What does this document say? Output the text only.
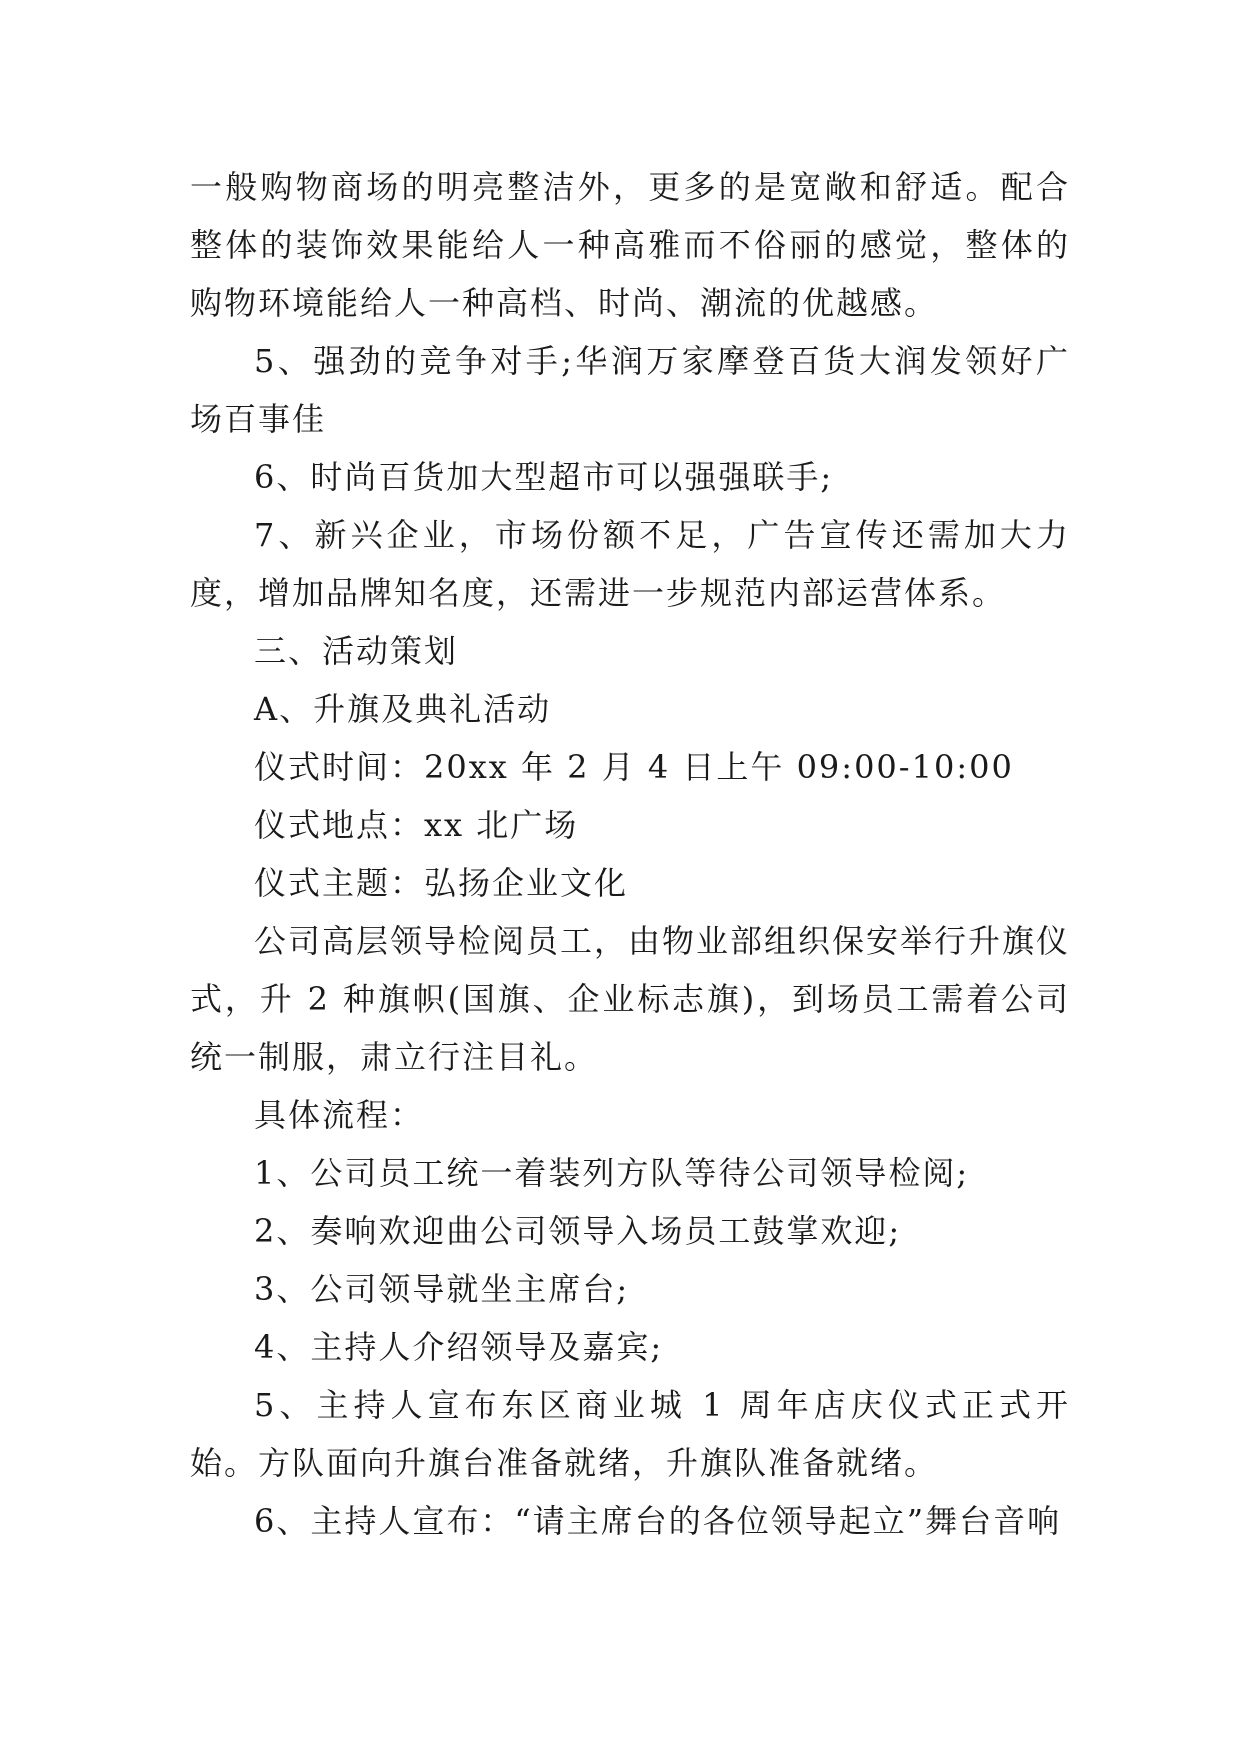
一般购物商场的明亮整洁外，更多的是宽敞和舒适。配合整体的装饰效果能给人一种高雅而不俗丽的感觉，整体的购物环境能给人一种高档、时尚、潮流的优越感。

5、强劲的竞争对手;华润万家摩登百货大润发领好广场百事佳

6、时尚百货加大型超市可以强强联手;

7、新兴企业，市场份额不足，广告宣传还需加大力度，增加品牌知名度，还需进一步规范内部运营体系。

三、活动策划

A、升旗及典礼活动

仪式时间：20xx 年 2 月 4 日上午 09:00-10:00

仪式地点：xx 北广场

仪式主题：弘扬企业文化

公司高层领导检阅员工，由物业部组织保安举行升旗仪式，升 2 种旗帜(国旗、企业标志旗)，到场员工需着公司统一制服，肃立行注目礼。

具体流程：

1、公司员工统一着装列方队等待公司领导检阅;

2、奏响欢迎曲公司领导入场员工鼓掌欢迎;

3、公司领导就坐主席台;

4、主持人介绍领导及嘉宾;

5、主持人宣布东区商业城 1 周年店庆仪式正式开始。方队面向升旗台准备就绪，升旗队准备就绪。

6、主持人宣布：“请主席台的各位领导起立”舞台音响
